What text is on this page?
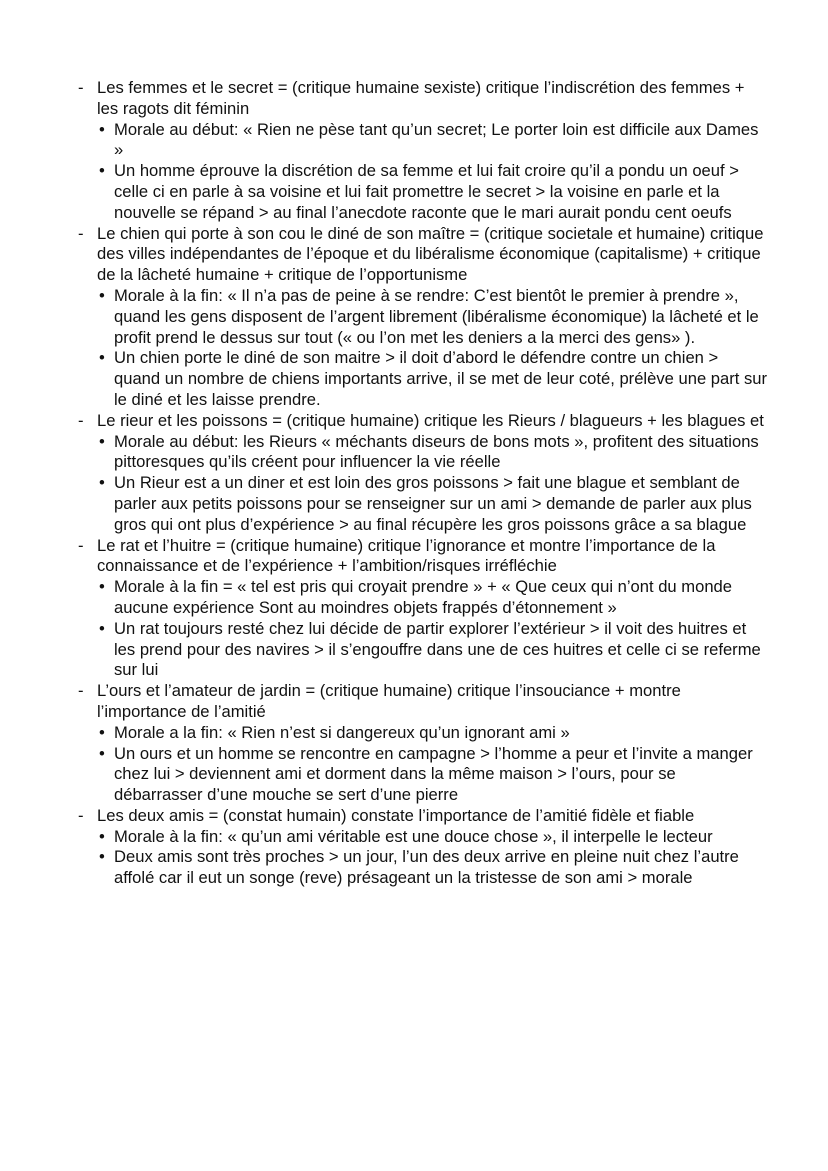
- Les femmes et le secret = (critique humaine sexiste) critique l’indiscrétion des femmes + les ragots dit féminin

• Morale au début: « Rien ne pèse tant qu’un secret; Le porter loin est difficile aux Dames »
• Un homme éprouve la discrétion de sa femme et lui fait croire qu’il a pondu un oeuf > celle ci en parle à sa voisine et lui fait promettre le secret > la voisine en parle et la nouvelle se répand > au final l’anecdote raconte que le mari aurait pondu cent oeufs
- Le chien qui porte à son cou le diné de son maître = (critique societale et humaine) critique des villes indépendantes de l’époque et du libéralisme économique (capitalisme) + critique de la lâcheté humaine + critique de l’opportunisme

• Morale à la fin: « Il n’a pas de peine à se rendre: C’est bientôt le premier à prendre », quand les gens disposent de l’argent librement (libéralisme économique) la lâcheté et le profit prend le dessus sur tout (« ou l’on met les deniers a la merci des gens» ).
• Un chien porte le diné de son maitre > il doit d’abord le défendre contre un chien > quand un nombre de chiens importants arrive, il se met de leur coté, prélève une part sur le diné et les laisse prendre.
- Le rieur et les poissons = (critique humaine) critique les Rieurs / blagueurs + les blagues et

• Morale au début: les Rieurs « méchants diseurs de bons mots », profitent des situations pittoresques qu’ils créent pour influencer la vie réelle
• Un Rieur est a un diner et est loin des gros poissons > fait une blague et semblant de parler aux petits poissons pour se renseigner sur un ami > demande de parler aux plus gros qui ont plus d’expérience > au final récupère les gros poissons grâce a sa blague
- Le rat et l’huitre = (critique humaine) critique l’ignorance et montre l’importance de la connaissance et de l’expérience + l’ambition/risques irréfléchie

• Morale à la fin = « tel est pris qui croyait prendre » + « Que ceux qui n’ont du monde aucune expérience Sont au moindres objets frappés d’étonnement »
• Un rat toujours resté chez lui décide de partir explorer l’extérieur > il voit des huitres et les prend pour des navires > il s’engouffre dans une de ces huitres et celle ci se referme sur lui
- L’ours et l’amateur de jardin = (critique humaine) critique l’insouciance + montre l’importance de l’amitié

• Morale a la fin: « Rien n’est si dangereux qu’un ignorant ami »
• Un ours et un homme se rencontre en campagne > l’homme a peur et l’invite a manger chez lui > deviennent ami et dorment dans la même maison > l’ours, pour se débarrasser d’une mouche se sert d’une pierre
- Les deux amis = (constat humain) constate l’importance de l’amitié fidèle et fiable

• Morale à la fin: « qu’un ami véritable est une douce chose », il interpelle le lecteur
• Deux amis sont très proches > un jour, l’un des deux arrive en pleine nuit chez l’autre affolé car il eut un songe (reve) présageant un la tristesse de son ami > morale
